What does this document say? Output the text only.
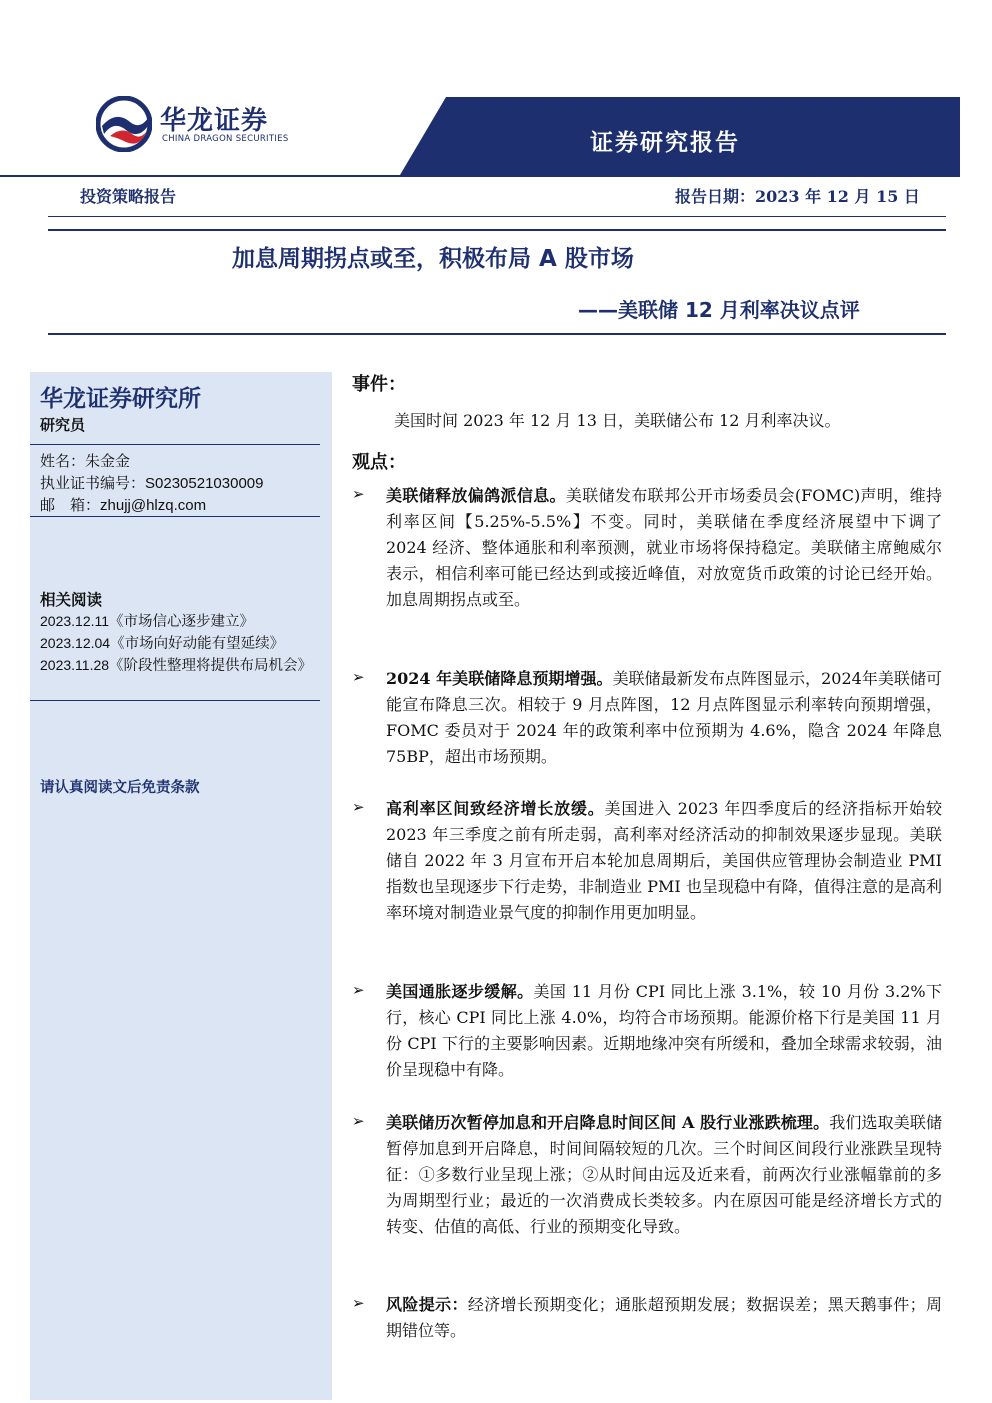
华龙证券
CHINA DRAGON SECURITIES	证券研究报告
投资策略报告	报告日期：2023 年 12 月 15 日
加息周期拐点或至，积极布局 A 股市场
——美联储 12 月利率决议点评
华龙证券研究所
研究员
姓名：朱金金
执业证书编号：S0230521030009
邮　箱：zhujj@hlzq.com
相关阅读
2023.12.11《市场信心逐步建立》
2023.12.04《市场向好动能有望延续》
2023.11.28《阶段性整理将提供布局机会》
请认真阅读文后免责条款
事件：
美国时间 2023 年 12 月 13 日，美联储公布 12 月利率决议。
观点：
➢ 美联储释放偏鸽派信息。美联储发布联邦公开市场委员会(FOMC)声明，维持利率区间【5.25%-5.5%】不变。同时，美联储在季度经济展望中下调了 2024 经济、整体通胀和利率预测，就业市场将保持稳定。美联储主席鲍威尔表示，相信利率可能已经达到或接近峰值，对放宽货币政策的讨论已经开始。加息周期拐点或至。
➢ 2024 年美联储降息预期增强。美联储最新发布点阵图显示，2024年美联储可能宣布降息三次。相较于 9 月点阵图，12 月点阵图显示利率转向预期增强，FOMC 委员对于 2024 年的政策利率中位预期为 4.6%，隐含 2024 年降息 75BP，超出市场预期。
➢ 高利率区间致经济增长放缓。美国进入 2023 年四季度后的经济指标开始较 2023 年三季度之前有所走弱，高利率对经济活动的抑制效果逐步显现。美联储自 2022 年 3 月宣布开启本轮加息周期后，美国供应管理协会制造业 PMI 指数也呈现逐步下行走势，非制造业 PMI 也呈现稳中有降，值得注意的是高利率环境对制造业景气度的抑制作用更加明显。
➢ 美国通胀逐步缓解。美国 11 月份 CPI 同比上涨 3.1%，较 10 月份 3.2%下行，核心 CPI 同比上涨 4.0%，均符合市场预期。能源价格下行是美国 11 月份 CPI 下行的主要影响因素。近期地缘冲突有所缓和，叠加全球需求较弱，油价呈现稳中有降。
➢ 美联储历次暂停加息和开启降息时间区间 A 股行业涨跌梳理。我们选取美联储暂停加息到开启降息，时间间隔较短的几次。三个时间区间段行业涨跌呈现特征：①多数行业呈现上涨；②从时间由远及近来看，前两次行业涨幅靠前的多为周期型行业；最近的一次消费成长类较多。内在原因可能是经济增长方式的转变、估值的高低、行业的预期变化导致。
➢ 风险提示：经济增长预期变化；通胀超预期发展；数据误差；黑天鹅事件；周期错位等。
